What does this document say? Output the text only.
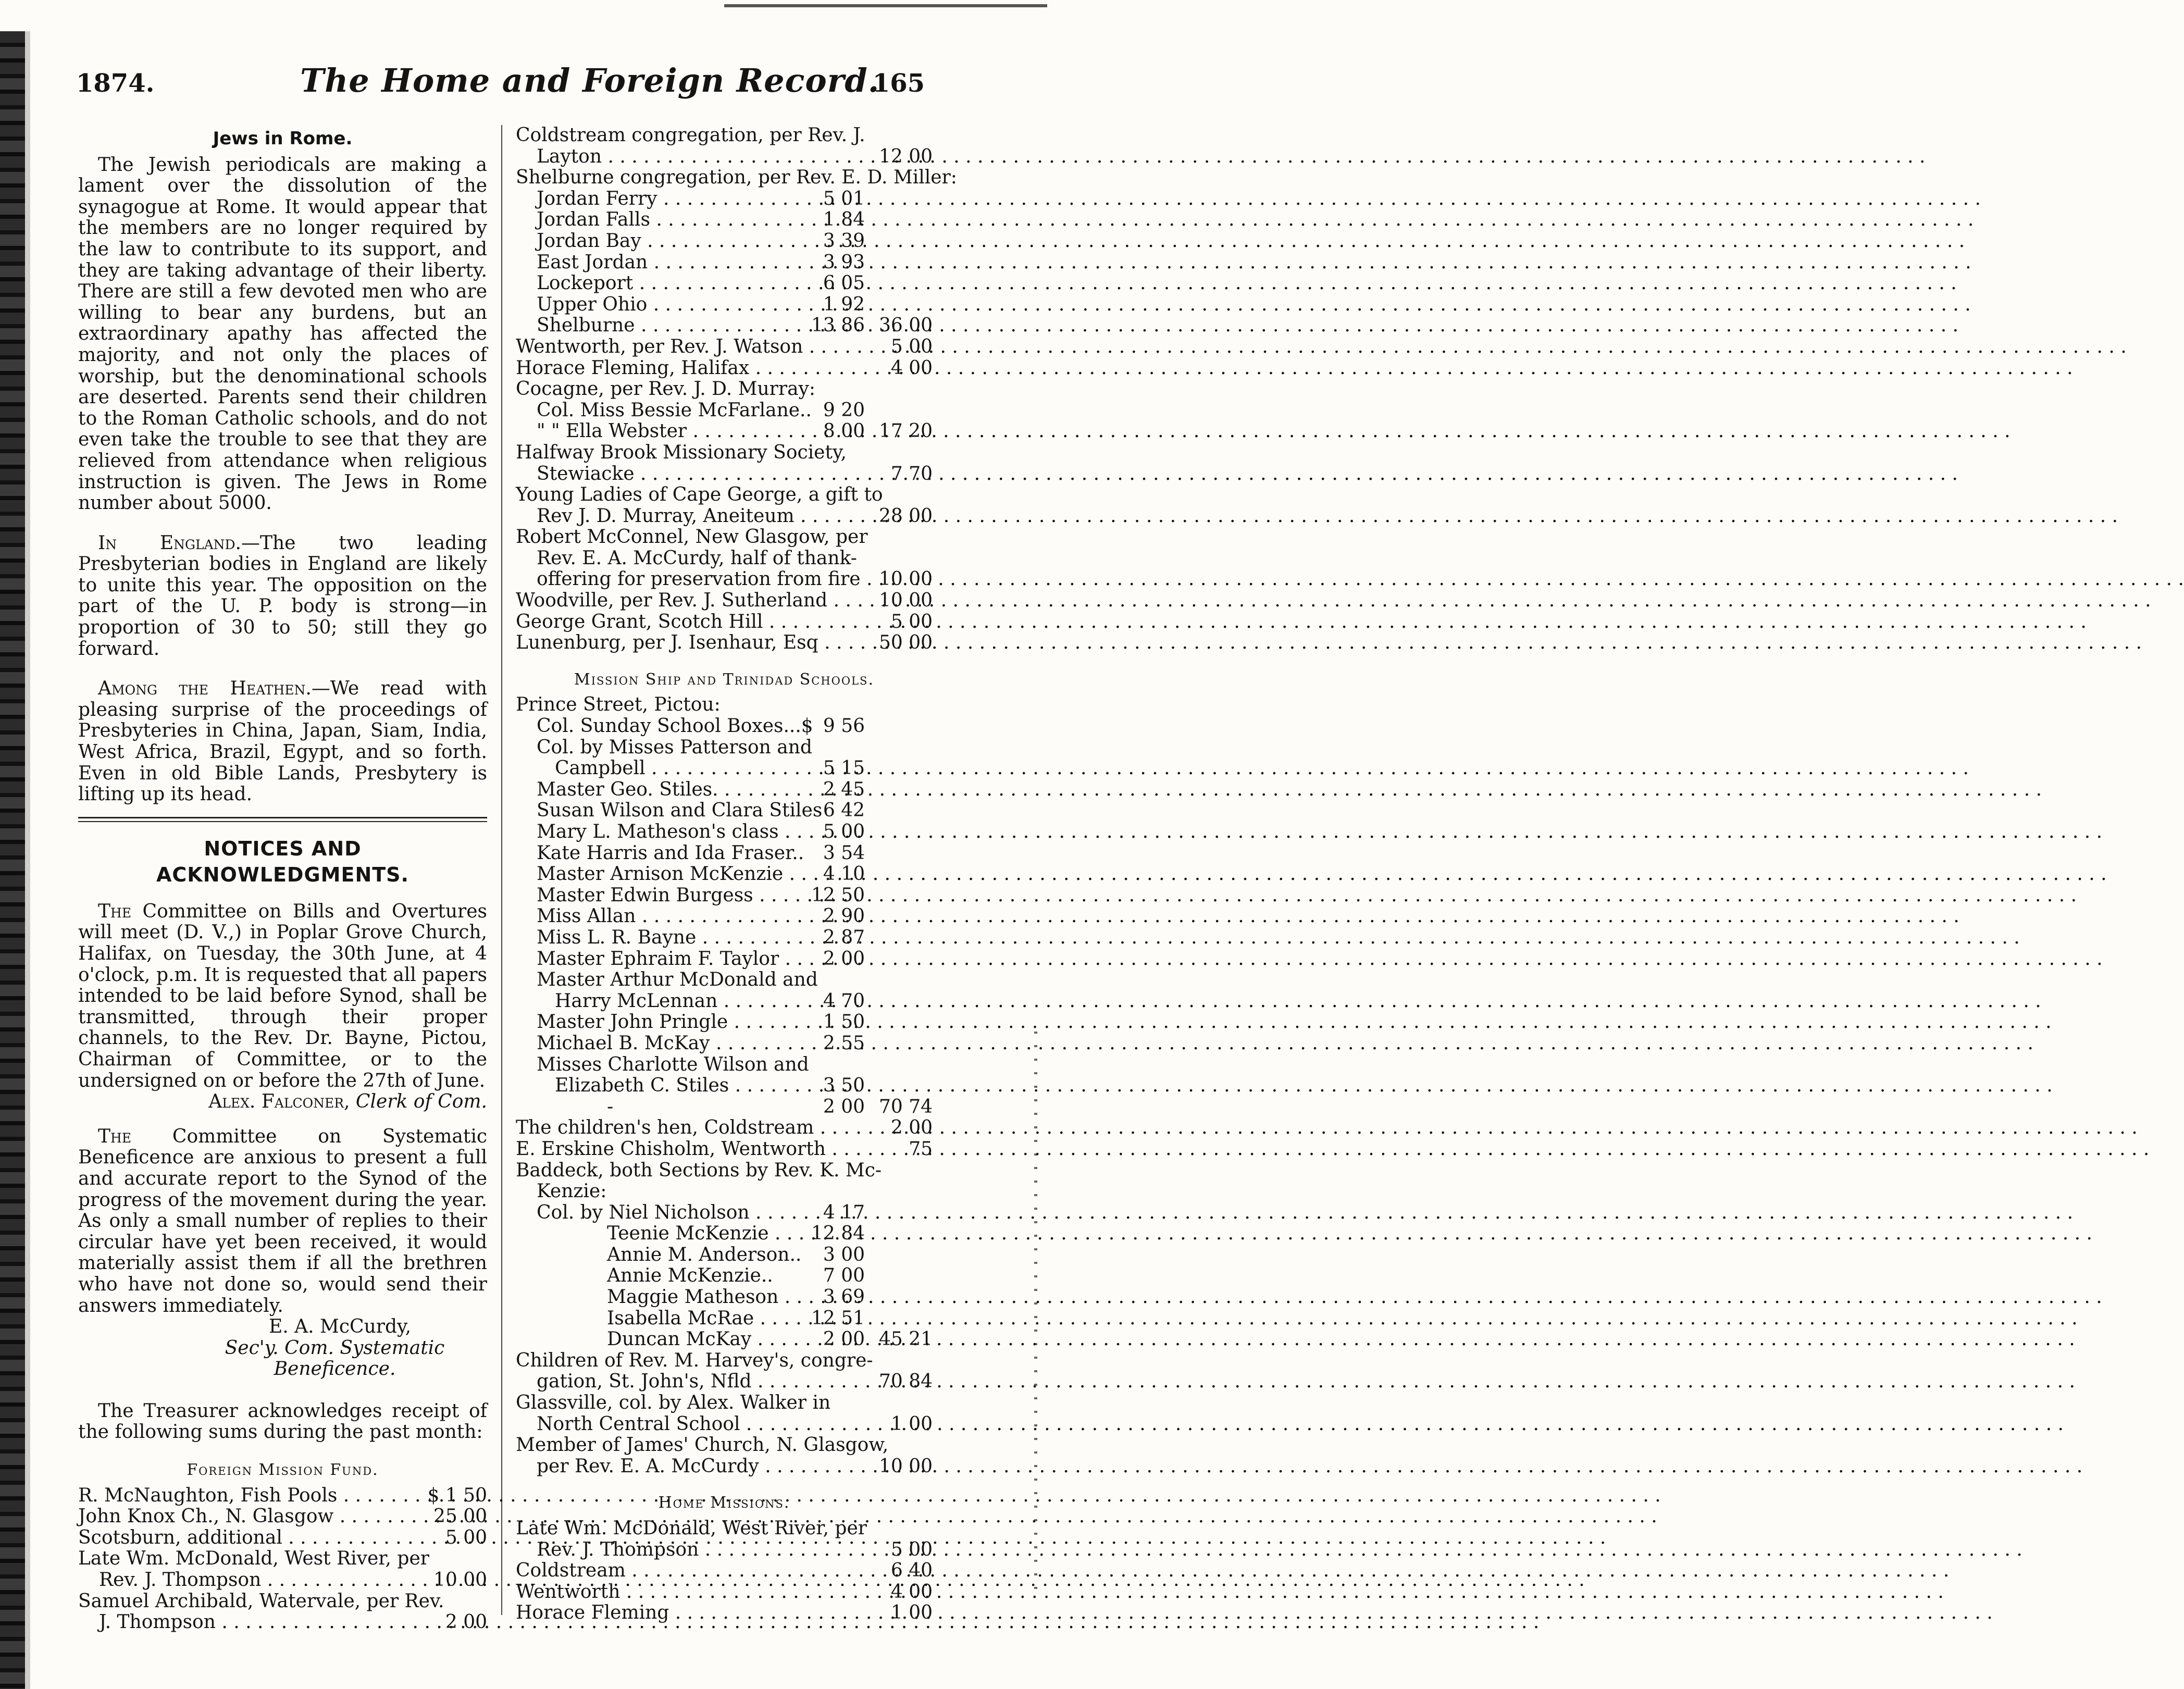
1874.	The Home and Foreign Record.
165
Jews in Rome.

The Jewish periodicals are making a lament over the dissolution of the synagogue at Rome. It would appear that the members are no longer required by the law to contribute to its support, and they are taking advantage of their liberty. There are still a few devoted men who are willing to bear any burdens, but an extraordinary apathy has affected the majority, and not only the places of worship, but the denominational schools are deserted. Parents send their children to the Roman Catholic schools, and do not even take the trouble to see that they are relieved from attendance when religious instruction is given. The Jews in Rome number about 5000.

In England.—The two leading Presbyterian bodies in England are likely to unite this year. The opposition on the part of the U. P. body is strong—in proportion of 30 to 50; still they go forward.

Among the Heathen.—We read with pleasing surprise of the proceedings of Presbyteries in China, Japan, Siam, India, West Africa, Brazil, Egypt, and so forth. Even in old Bible Lands, Presbytery is lifting up its head.

NOTICES AND ACKNOWLEDGMENTS.

The Committee on Bills and Overtures will meet (D. V.,) in Poplar Grove Church, Halifax, on Tuesday, the 30th June, at 4 o'clock, p.m. It is requested that all papers intended to be laid before Synod, shall be transmitted, through their proper channels, to the Rev. Dr. Bayne, Pictou, Chairman of Committee, or to the undersigned on or before the 27th of June.

Alex. Falconer, Clerk of Com.

The Committee on Systematic Beneficence are anxious to present a full and accurate report to the Synod of the progress of the movement during the year. As only a small number of replies to their circular have yet been received, it would materially assist them if all the brethren who have not done so, would send their answers immediately.

E. A. McCurdy,
Sec'y. Com. Systematic Beneficence.

The Treasurer acknowledges receipt of the following sums during the past month:

Foreign Mission Fund.
R. McNaughton, Fish Pools . . .	$ 1 50
John Knox Ch., N. Glasgow . . .	25 00
Scotsburn, additional . . .	5 00
Late Wm. McDonald, West River, per
Rev. J. Thompson . . .	10 00
Samuel Archibald, Watervale, per Rev.
J. Thompson . . .	2 00
Coldstream congregation, per Rev. J.
Layton . . .	12 00
Shelburne congregation, per Rev. E. D. Miller:
Jordan Ferry . . .	5 01
Jordan Falls . . .	1 84
Jordan Bay . . .	3 39
East Jordan . . .	3 93
Lockeport . . .	6 05
Upper Ohio . . .	1 92
Shelburne . . .	13 86 36 00
Wentworth, per Rev. J. Watson . . .	5 00
Horace Fleming, Halifax . . .	4 00
Cocagne, per Rev. J. D. Murray:
Col. Miss Bessie McFarlane.. 9 20
" " Ella Webster . . .	8 00 17 20
Halfway Brook Missionary Society,
Stewiacke . . .	7 70
Young Ladies of Cape George, a gift to
Rev J. D. Murray, Aneiteum . . .	28 00
Robert McConnel, New Glasgow, per
Rev. E. A. McCurdy, half of thank-
offering for preservation from fire . . . 10 00
Woodville, per Rev. J. Sutherland . . .	10 00
George Grant, Scotch Hill . . .	5 00
Lunenburg, per J. Isenhaur, Esq . . .	50 00
Mission Ship and Trinidad Schools.
Prince Street, Pictou:
Col. Sunday School Boxes...$ 9 56
Col. by Misses Patterson and
Campbell . . .	5 15
Master Geo. Stiles. . . .	2 45
Susan Wilson and Clara Stiles 6 42
Mary L. Matheson's class . . .	5 00
Kate Harris and Ida Fraser..	3 54
Master Arnison McKenzie . . .	4 10
Master Edwin Burgess . . .	12 50
Miss Allan . . .	2 90
Miss L. R. Bayne . . .	2 87
Master Ephraim F. Taylor . . .	2 00
Master Arthur McDonald and
Harry McLennan . . .	4 70
Master John Pringle . . .	1 50
Michael B. McKay . . .	2 55
Misses Charlotte Wilson and
Elizabeth C. Stiles . . .	3 50
-	2 00 70 74
The children's hen, Coldstream . . .	2 00
E. Erskine Chisholm, Wentworth . . .	75
Baddeck, both Sections by Rev. K. Mc-
Kenzie:
Col. by Niel Nicholson . . .	4 17
Teenie McKenzie . . .	12 84
Annie M. Anderson..	3 00
Annie McKenzie..	7 00
Maggie Matheson . . .	3 69
Isabella McRae . . .	12 51
Duncan McKay . . .	2 00 45 21
Children of Rev. M. Harvey's, congre-
gation, St. John's, Nfld . . .	70 84
Glassville, col. by Alex. Walker in
North Central School . . .	1 00
Member of James' Church, N. Glasgow,
per Rev. E. A. McCurdy . . .	10 00
Home Missions.
Late Wm. McDonald, West River, per
Rev. J. Thompson . . .	5 00
Coldstream . . .	6 40
Wentworth . . .	4 00
Horace Fleming . . .	1 00
